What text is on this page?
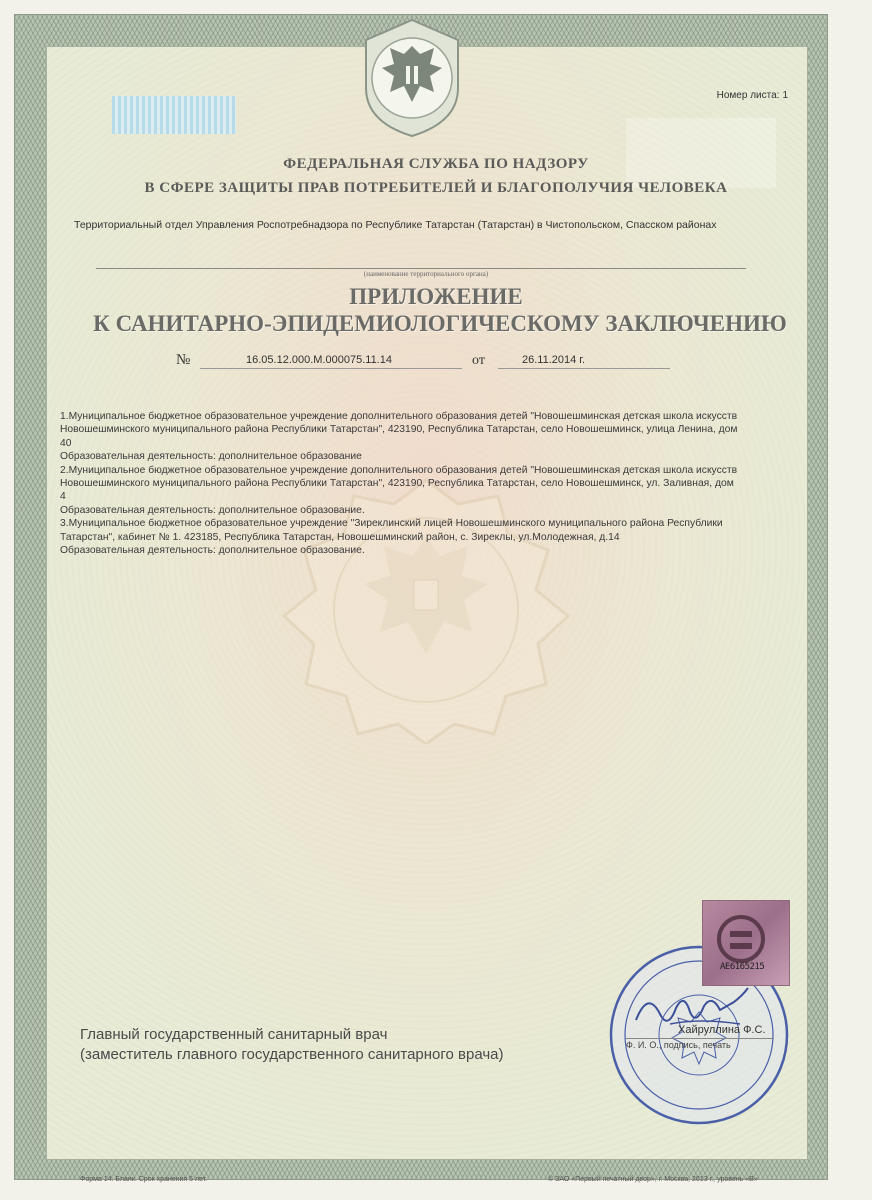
Номер листа: 1
ФЕДЕРАЛЬНАЯ СЛУЖБА ПО НАДЗОРУ
В СФЕРЕ ЗАЩИТЫ ПРАВ ПОТРЕБИТЕЛЕЙ И БЛАГОПОЛУЧИЯ ЧЕЛОВЕКА
Территориальный отдел Управления Роспотребнадзора по Республике Татарстан (Татарстан) в Чистопольском, Спасском районах
(наименование территориального органа)
ПРИЛОЖЕНИЕ
К САНИТАРНО-ЭПИДЕМИОЛОГИЧЕСКОМУ ЗАКЛЮЧЕНИЮ
№	16.05.12.000.М.000075.11.14	от	26.11.2014 г.

1.Муниципальное бюджетное образовательное учреждение дополнительного образования детей "Новошешминская детская школа искусств

Новошешминского муниципального района Республики Татарстан", 423190, Республика Татарстан, село Новошешминск, улица Ленина, дом

40

Образовательная деятельность: дополнительное образование

2.Муниципальное бюджетное образовательное учреждение дополнительного образования детей "Новошешминская детская школа искусств

Новошешминского муниципального района Республики Татарстан", 423190, Республика Татарстан, село Новошешминск, ул. Заливная, дом

4

Образовательная деятельность: дополнительное образование.

3.Муниципальное бюджетное образовательное учреждение "Зиреклинский лицей Новошешминского муниципального района Республики

Татарстан", кабинет № 1. 423185, Республика Татарстан, Новошешминский район, с. Зиреклы, ул.Молодежная, д.14

Образовательная деятельность: дополнительное образование.

АЕ6165215
Главный государственный санитарный врач
(заместитель главного государственного санитарного врача)
Хайруллина Ф.С.
Ф. И. О., подпись, печать
Форма 14. Бланк. Срок хранения 5 лет.	© ЗАО «Первый печатный двор», г. Москва, 2013 г., уровень «В»
